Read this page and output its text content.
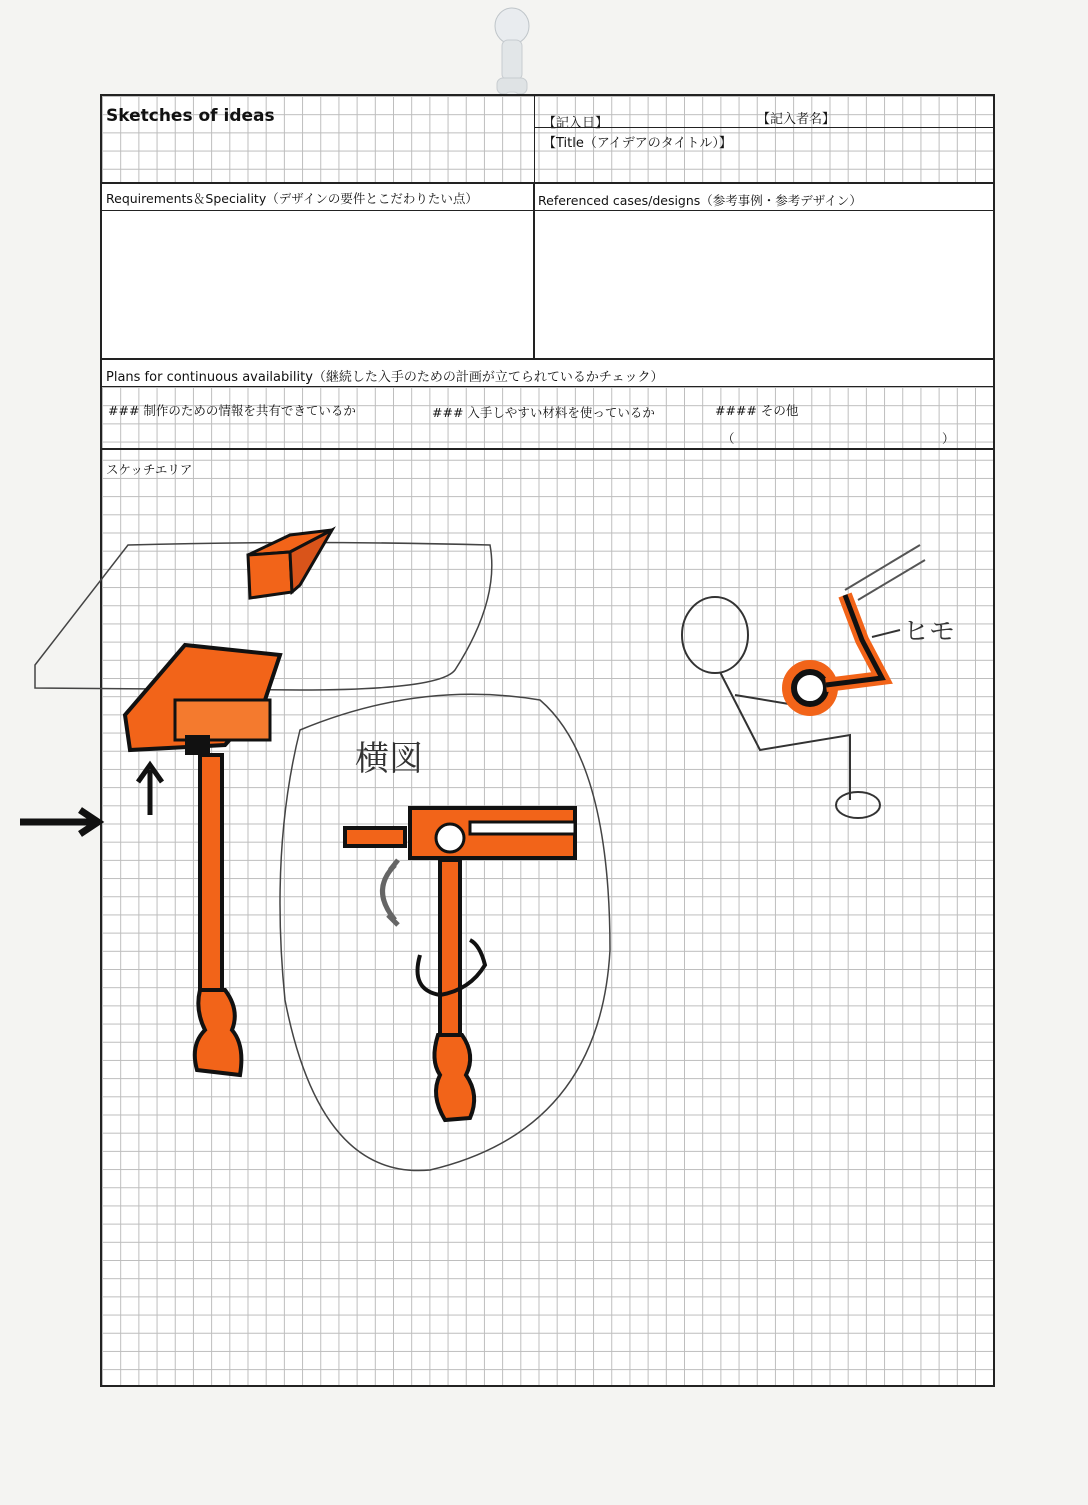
Sketches of ideas	【記入日】	【記入者名】
【Title（アイデアのタイトル）】
Requirements＆Speciality（デザインの要件とこだわりたい点）	Referenced cases/designs（参考事例・参考デザイン）
Plans for continuous availability（継続した入手のための計画が立てられているかチェック）
### 制作のための情報を共有できているか	### 入手しやすい材料を使っているか	#### その他
（	）
スケッチエリア
横図
ヒモ
